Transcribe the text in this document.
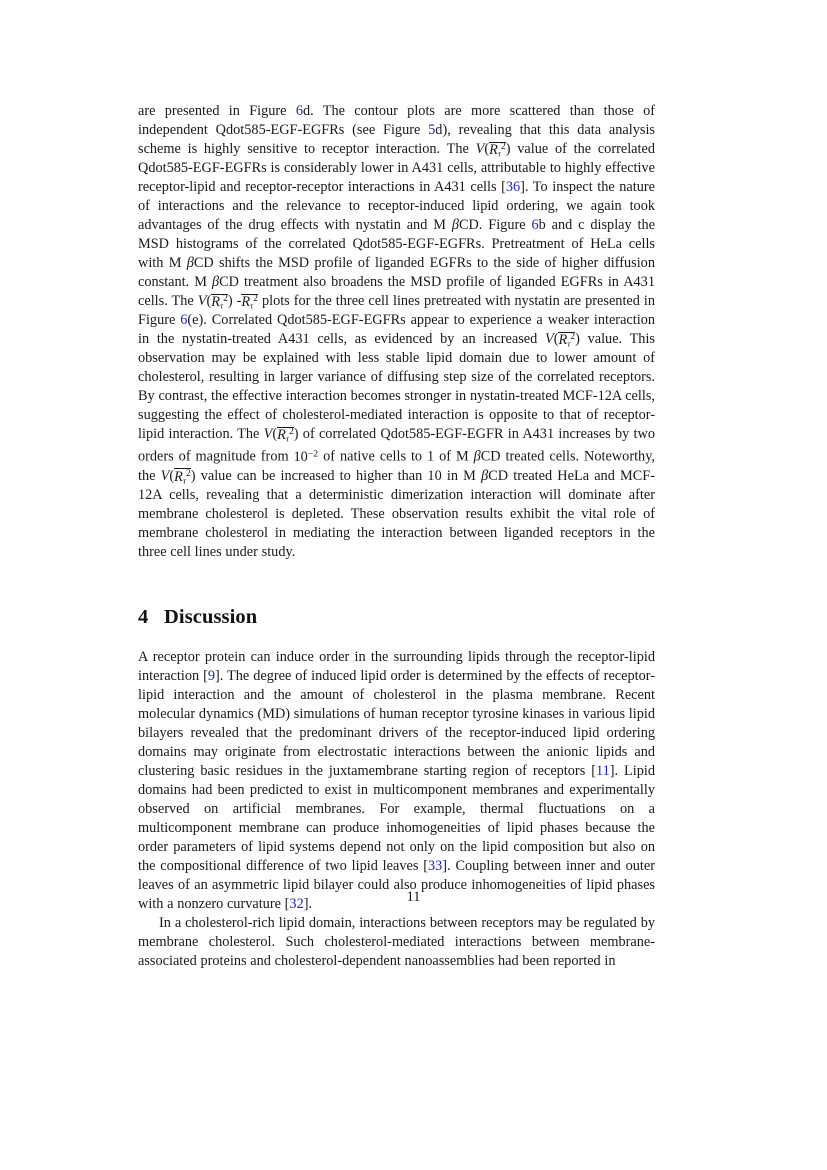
are presented in Figure 6d. The contour plots are more scattered than those of independent Qdot585-EGF-EGFRs (see Figure 5d), revealing that this data analysis scheme is highly sensitive to receptor interaction. The $V(R_\tau^2)$ value of the correlated Qdot585-EGF-EGFRs is considerably lower in A431 cells, attributable to highly effective receptor-lipid and receptor-receptor interactions in A431 cells [36]. To inspect the nature of interactions and the relevance to receptor-induced lipid ordering, we again took advantages of the drug effects with nystatin and M βCD. Figure 6b and c display the MSD histograms of the correlated Qdot585-EGF-EGFRs. Pretreatment of HeLa cells with M βCD shifts the MSD profile of liganded EGFRs to the side of higher diffusion constant. M βCD treatment also broadens the MSD profile of liganded EGFRs in A431 cells. The $V(R_\tau^2)$ $-R_\tau^2$ plots for the three cell lines pretreated with nystatin are presented in Figure 6(e). Correlated Qdot585-EGF-EGFRs appear to experience a weaker interaction in the nystatin-treated A431 cells, as evidenced by an increased $V(R_\tau^2)$ value. This observation may be explained with less stable lipid domain due to lower amount of cholesterol, resulting in larger variance of diffusing step size of the correlated receptors. By contrast, the effective interaction becomes stronger in nystatin-treated MCF-12A cells, suggesting the effect of cholesterol-mediated interaction is opposite to that of receptor-lipid interaction. The $V(R_\tau^2)$ of correlated Qdot585-EGF-EGFR in A431 increases by two orders of magnitude from $10^{-2}$ of native cells to 1 of M βCD treated cells. Noteworthy, the $V(R_\tau^2)$ value can be increased to higher than 10 in M βCD treated HeLa and MCF-12A cells, revealing that a deterministic dimerization interaction will dominate after membrane cholesterol is depleted. These observation results exhibit the vital role of membrane cholesterol in mediating the interaction between liganded receptors in the three cell lines under study.

4 Discussion

A receptor protein can induce order in the surrounding lipids through the receptor-lipid interaction [9]. The degree of induced lipid order is determined by the effects of receptor-lipid interaction and the amount of cholesterol in the plasma membrane. Recent molecular dynamics (MD) simulations of human receptor tyrosine kinases in various lipid bilayers revealed that the predominant drivers of the receptor-induced lipid ordering domains may originate from electrostatic interactions between the anionic lipids and clustering basic residues in the juxtamembrane starting region of receptors [11]. Lipid domains had been predicted to exist in multicomponent membranes and experimentally observed on artificial membranes. For example, thermal fluctuations on a multicomponent membrane can produce inhomogeneities of lipid phases because the order parameters of lipid systems depend not only on the lipid composition but also on the compositional difference of two lipid leaves [33]. Coupling between inner and outer leaves of an asymmetric lipid bilayer could also produce inhomogeneities of lipid phases with a nonzero curvature [32].

In a cholesterol-rich lipid domain, interactions between receptors may be regulated by membrane cholesterol. Such cholesterol-mediated interactions between membrane-associated proteins and cholesterol-dependent nanoassemblies had been reported in

11
